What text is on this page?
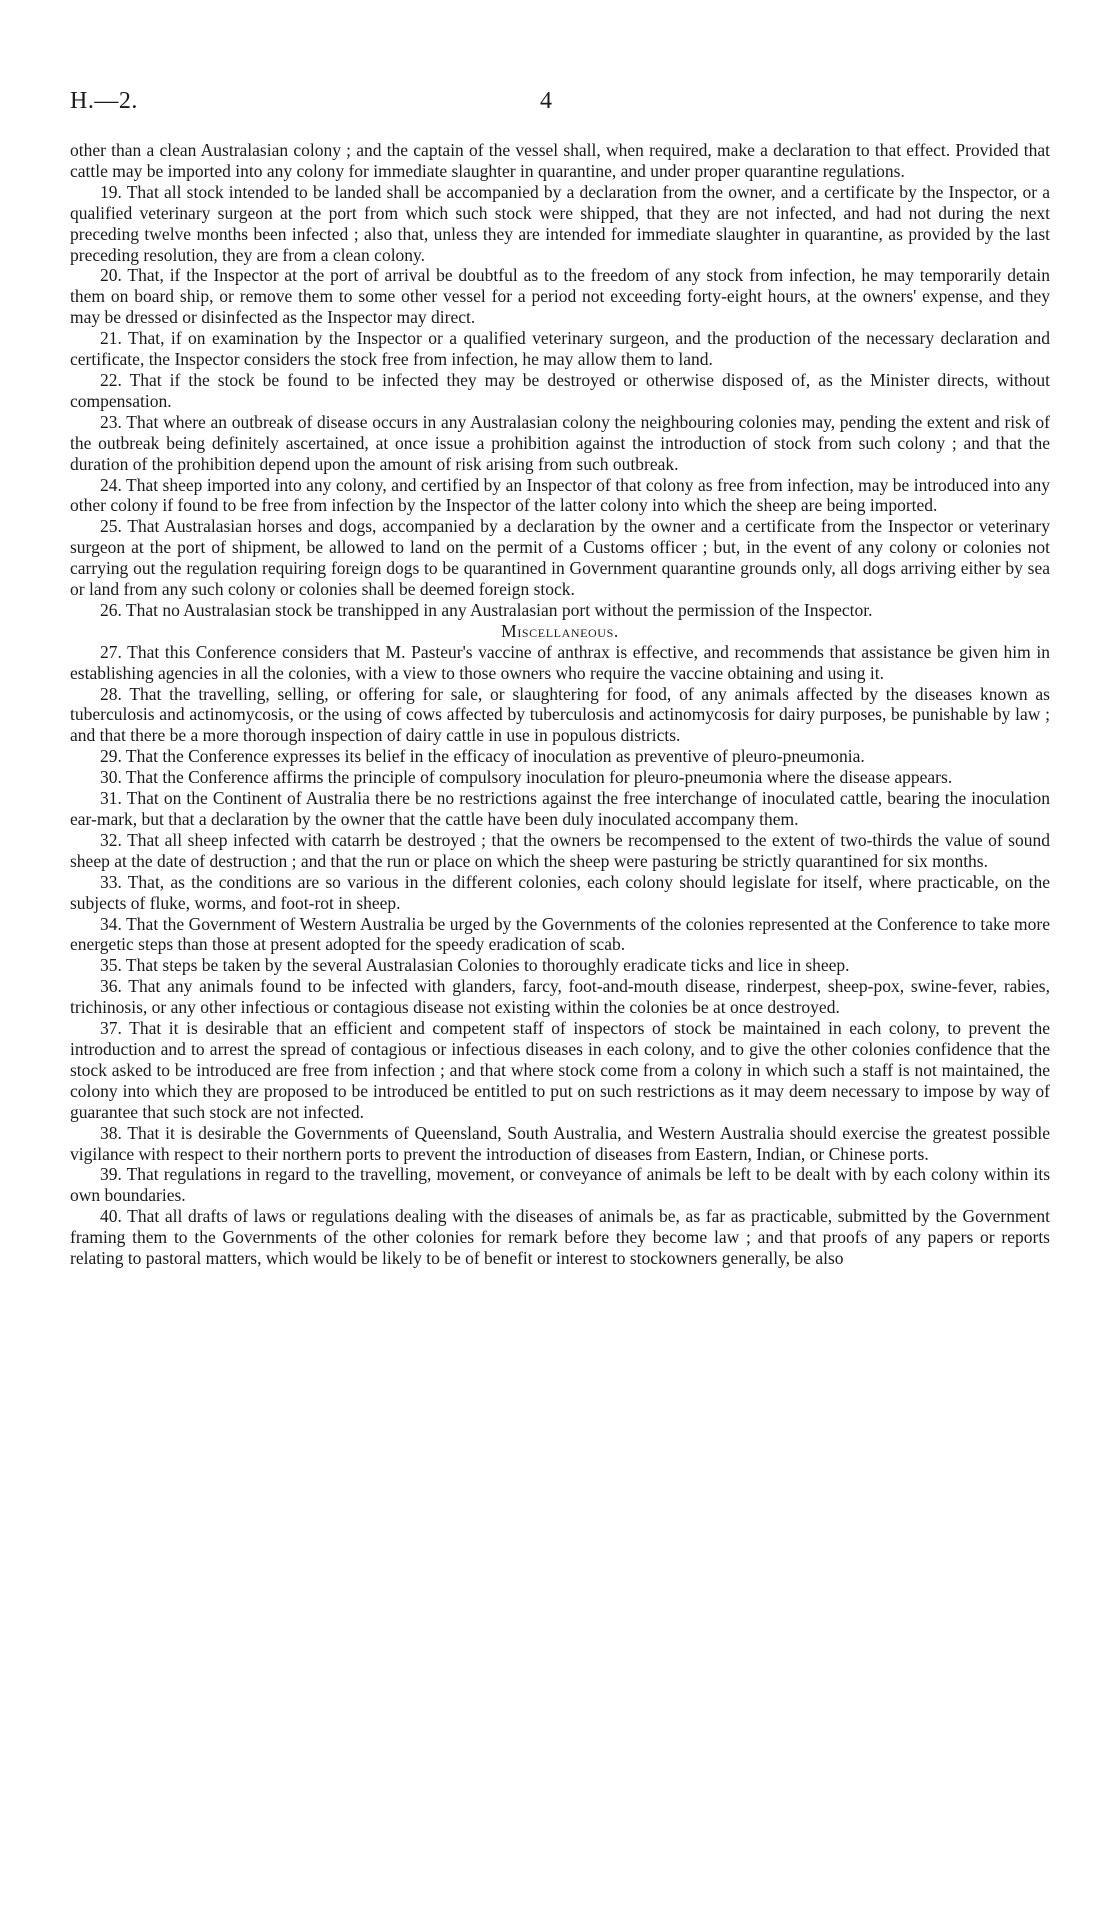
H.—2.	4

other than a clean Australasian colony ; and the captain of the vessel shall, when required, make a declaration to that effect. Provided that cattle may be imported into any colony for immediate slaughter in quarantine, and under proper quarantine regulations.

19. That all stock intended to be landed shall be accompanied by a declaration from the owner, and a certificate by the Inspector, or a qualified veterinary surgeon at the port from which such stock were shipped, that they are not infected, and had not during the next preceding twelve months been infected ; also that, unless they are intended for immediate slaughter in quarantine, as provided by the last preceding resolution, they are from a clean colony.

20. That, if the Inspector at the port of arrival be doubtful as to the freedom of any stock from infection, he may temporarily detain them on board ship, or remove them to some other vessel for a period not exceeding forty-eight hours, at the owners' expense, and they may be dressed or disinfected as the Inspector may direct.

21. That, if on examination by the Inspector or a qualified veterinary surgeon, and the production of the necessary declaration and certificate, the Inspector considers the stock free from infection, he may allow them to land.

22. That if the stock be found to be infected they may be destroyed or otherwise disposed of, as the Minister directs, without compensation.

23. That where an outbreak of disease occurs in any Australasian colony the neighbouring colonies may, pending the extent and risk of the outbreak being definitely ascertained, at once issue a prohibition against the introduction of stock from such colony ; and that the duration of the prohibition depend upon the amount of risk arising from such outbreak.

24. That sheep imported into any colony, and certified by an Inspector of that colony as free from infection, may be introduced into any other colony if found to be free from infection by the Inspector of the latter colony into which the sheep are being imported.

25. That Australasian horses and dogs, accompanied by a declaration by the owner and a certificate from the Inspector or veterinary surgeon at the port of shipment, be allowed to land on the permit of a Customs officer ; but, in the event of any colony or colonies not carrying out the regulation requiring foreign dogs to be quarantined in Government quarantine grounds only, all dogs arriving either by sea or land from any such colony or colonies shall be deemed foreign stock.

26. That no Australasian stock be transhipped in any Australasian port without the permission of the Inspector.

Miscellaneous.

27. That this Conference considers that M. Pasteur's vaccine of anthrax is effective, and recommends that assistance be given him in establishing agencies in all the colonies, with a view to those owners who require the vaccine obtaining and using it.

28. That the travelling, selling, or offering for sale, or slaughtering for food, of any animals affected by the diseases known as tuberculosis and actinomycosis, or the using of cows affected by tuberculosis and actinomycosis for dairy purposes, be punishable by law ; and that there be a more thorough inspection of dairy cattle in use in populous districts.

29. That the Conference expresses its belief in the efficacy of inoculation as preventive of pleuro-pneumonia.

30. That the Conference affirms the principle of compulsory inoculation for pleuro-pneumonia where the disease appears.

31. That on the Continent of Australia there be no restrictions against the free interchange of inoculated cattle, bearing the inoculation ear-mark, but that a declaration by the owner that the cattle have been duly inoculated accompany them.

32. That all sheep infected with catarrh be destroyed ; that the owners be recompensed to the extent of two-thirds the value of sound sheep at the date of destruction ; and that the run or place on which the sheep were pasturing be strictly quarantined for six months.

33. That, as the conditions are so various in the different colonies, each colony should legislate for itself, where practicable, on the subjects of fluke, worms, and foot-rot in sheep.

34. That the Government of Western Australia be urged by the Governments of the colonies represented at the Conference to take more energetic steps than those at present adopted for the speedy eradication of scab.

35. That steps be taken by the several Australasian Colonies to thoroughly eradicate ticks and lice in sheep.

36. That any animals found to be infected with glanders, farcy, foot-and-mouth disease, rinderpest, sheep-pox, swine-fever, rabies, trichinosis, or any other infectious or contagious disease not existing within the colonies be at once destroyed.

37. That it is desirable that an efficient and competent staff of inspectors of stock be maintained in each colony, to prevent the introduction and to arrest the spread of contagious or infectious diseases in each colony, and to give the other colonies confidence that the stock asked to be introduced are free from infection ; and that where stock come from a colony in which such a staff is not maintained, the colony into which they are proposed to be introduced be entitled to put on such restrictions as it may deem necessary to impose by way of guarantee that such stock are not infected.

38. That it is desirable the Governments of Queensland, South Australia, and Western Australia should exercise the greatest possible vigilance with respect to their northern ports to prevent the introduction of diseases from Eastern, Indian, or Chinese ports.

39. That regulations in regard to the travelling, movement, or conveyance of animals be left to be dealt with by each colony within its own boundaries.

40. That all drafts of laws or regulations dealing with the diseases of animals be, as far as practicable, submitted by the Government framing them to the Governments of the other colonies for remark before they become law ; and that proofs of any papers or reports relating to pastoral matters, which would be likely to be of benefit or interest to stockowners generally, be also
